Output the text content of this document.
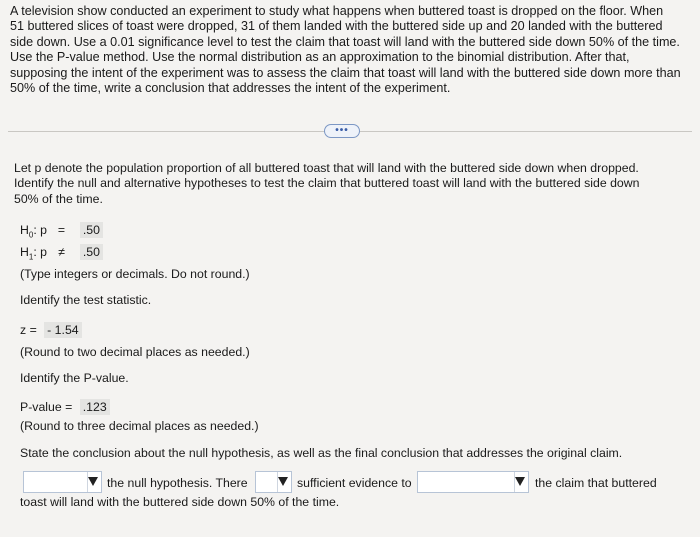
A television show conducted an experiment to study what happens when buttered toast is dropped on the floor. When
51 buttered slices of toast were dropped, 31 of them landed with the buttered side up and 20 landed with the buttered
side down. Use a 0.01 significance level to test the claim that toast will land with the buttered side down 50% of the time.
Use the P-value method. Use the normal distribution as an approximation to the binomial distribution. After that,
supposing the intent of the experiment was to assess the claim that toast will land with the buttered side down more than
50% of the time, write a conclusion that addresses the intent of the experiment.
•••
Let p denote the population proportion of all buttered toast that will land with the buttered side down when dropped.
Identify the null and alternative hypotheses to test the claim that buttered toast will land with the buttered side down
50% of the time.
$H_0$: p = .50
$H_1$: p ≠ .50
(Type integers or decimals. Do not round.)
Identify the test statistic.
z = - 1.54
(Round to two decimal places as needed.)
Identify the P-value.
P-value = .123
(Round to three decimal places as needed.)
State the conclusion about the null hypothesis, as well as the final conclusion that addresses the original claim.
the null hypothesis. There	sufficient evidence to	the claim that buttered
toast will land with the buttered side down 50% of the time.
